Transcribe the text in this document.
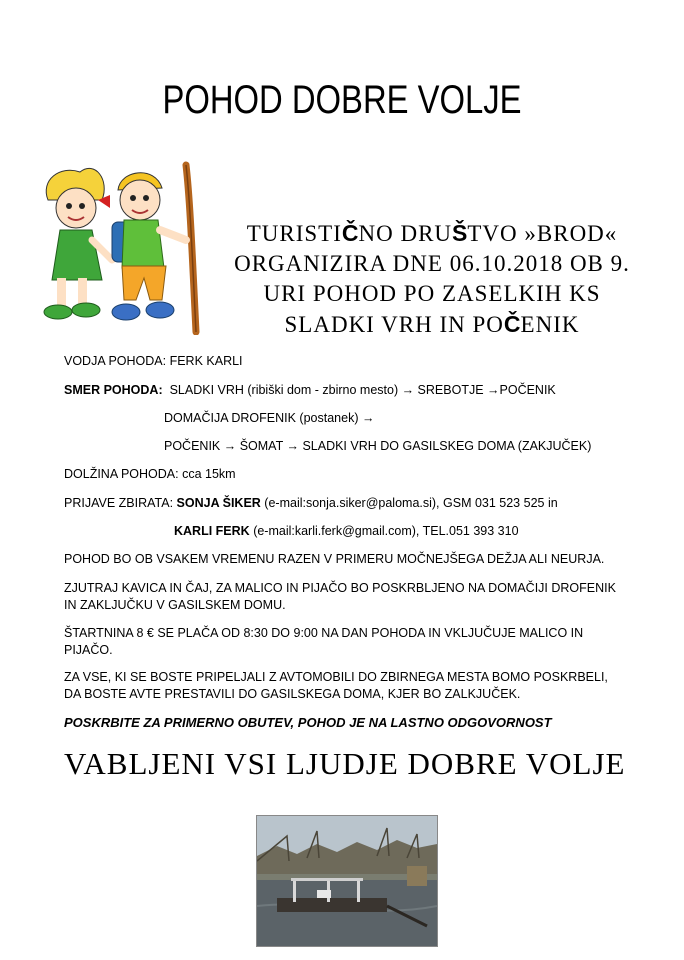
POHOD DOBRE VOLJE
TURISTIČNO DRUŠTVO »BROD«
ORGANIZIRA DNE 06.10.2018 OB 9.
URI POHOD PO ZASELKIH KS
SLADKI VRH IN POČENIK
VODJA POHODA: FERK KARLI
SMER POHODA: SLADKI VRH (ribiški dom - zbirno mesto) → SREBOTJE →POČENIK
DOMAČIJA DROFENIK (postanek) →
POČENIK → ŠOMAT → SLADKI VRH DO GASILSKEG DOMA (ZAKJUČEK)
DOLŽINA POHODA: cca 15km
PRIJAVE ZBIRATA: SONJA ŠIKER (e-mail:sonja.siker@paloma.si), GSM 031 523 525 in
KARLI FERK (e-mail:karli.ferk@gmail.com), TEL.051 393 310
POHOD BO OB VSAKEM VREMENU RAZEN V PRIMERU MOČNEJŠEGA DEŽJA ALI NEURJA.
ZJUTRAJ KAVICA IN ČAJ, ZA MALICO IN PIJAČO BO POSKRBLJENO NA DOMAČIJI DROFENIK IN ZAKLJUČKU V GASILSKEM DOMU.
ŠTARTNINA 8 € SE PLAČA OD 8:30 DO 9:00 NA DAN POHODA IN VKLJUČUJE MALICO IN PIJAČO.
ZA VSE, KI SE BOSTE PRIPELJALI Z AVTOMOBILI DO ZBIRNEGA MESTA BOMO POSKRBELI, DA BOSTE AVTE PRESTAVILI DO GASILSKEGA DOMA, KJER BO ZALKJUČEK.
POSKRBITE ZA PRIMERNO OBUTEV, POHOD JE NA LASTNO ODGOVORNOST
VABLJENI VSI LJUDJE DOBRE VOLJE
